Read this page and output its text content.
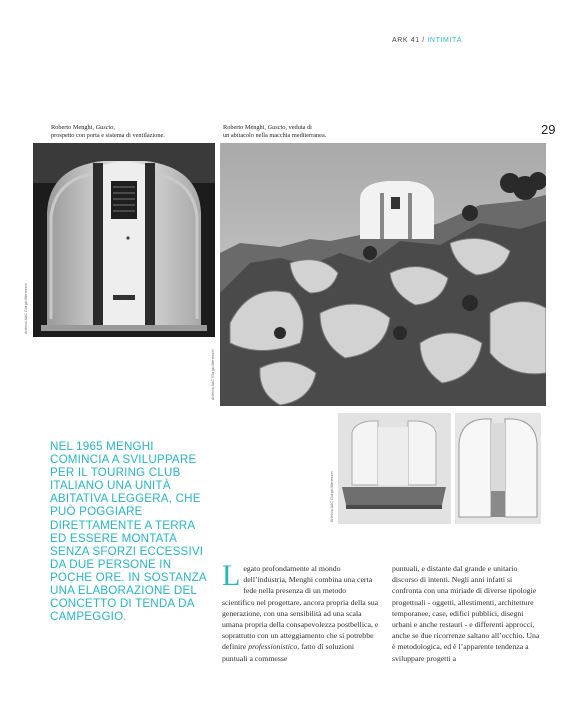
ARK 41 / INTIMITÀ
29
Roberto Menghi, Guscio,
prospetto con porta e sistema di ventilazione.
Roberto Menghi, Guscio, veduta di
un abitacolo nella macchia mediterranea.
Archivio AAC Giorgio Menessini
Archivio AAC Giorgio Menessini
Archivio AAC Giorgio Menessini
NEL 1965 MENGHI COMINCIA A SVILUPPARE PER IL TOURING CLUB ITALIANO UNA UNITÀ ABITATIVA LEGGERA, CHE PUÒ POGGIARE DIRETTAMENTE A TERRA ED ESSERE MONTATA SENZA SFORZI ECCESSIVI DA DUE PERSONE IN POCHE ORE. IN SOSTANZA UNA ELABORAZIONE DEL CONCETTO DI TENDA DA CAMPEGGIO.

Legato profondamente al mondo dell’industria, Menghi combina una certa fede nella presenza di un metodo scientifico nel progettare, ancora propria della sua generazione, con una sensibilità ad una scala umana propria della consapevolezza postbellica, e soprattutto con un atteggiamento che si potrebbe definire professionistico, fatto di soluzioni puntuali a commesse

puntuali, e distante dal grande e unitario discorso di intenti. Negli anni infatti si confronta con una miriade di diverse tipologie progettuali - oggetti, allestimenti, architetture temporanee, case, edifici pubblici, disegni urbani e anche restauri - e differenti approcci, anche se due ricorrenze saltano all’occhio. Una è metodologica, ed è l’apparente tendenza a sviluppare progetti a
